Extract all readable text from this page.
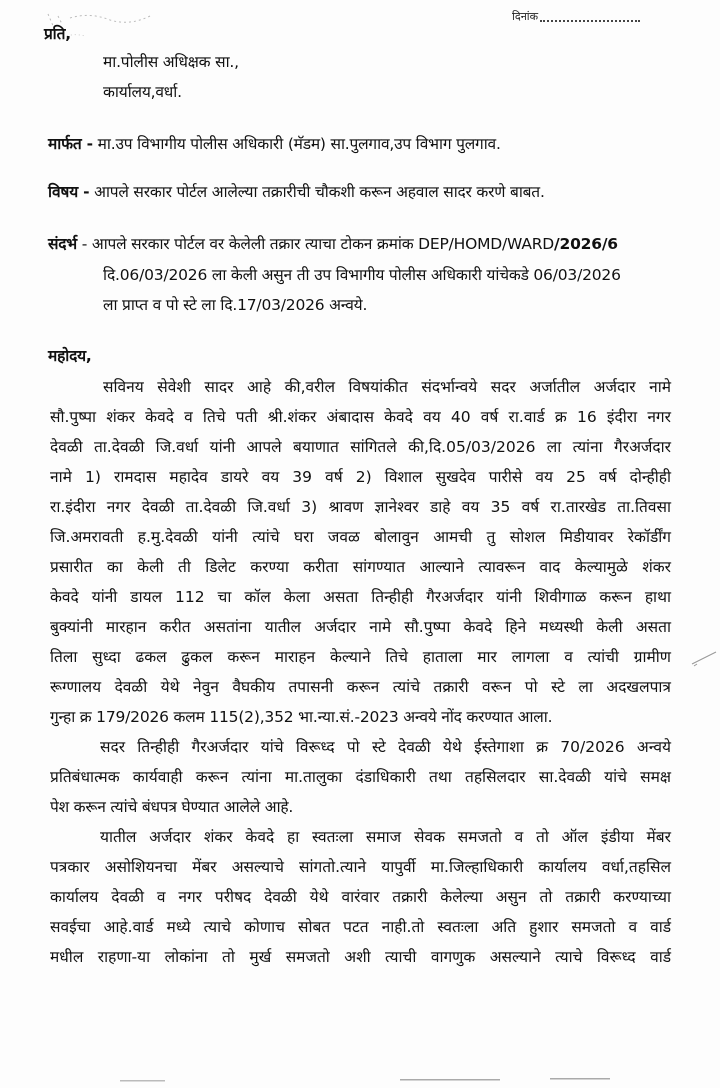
दिनांक
प्रति,
मा.पोलीस अधिक्षक सा.,
कार्यालय,वर्धा.
मार्फत - मा.उप विभागीय पोलीस अधिकारी (मॅडम) सा.पुलगाव,उप विभाग पुलगाव.
विषय - आपले सरकार पोर्टल आलेल्या तक्रारीची चौकशी करून अहवाल सादर करणे बाबत.
संदर्भ - आपले सरकार पोर्टल वर केलेली तक्रार त्याचा टोकन क्रमांक DEP/HOMD/WARD/2026/6
दि.06/03/2026 ला केली असुन ती उप विभागीय पोलीस अधिकारी यांचेकडे 06/03/2026
ला प्राप्त व पो स्टे ला दि.17/03/2026 अन्वये.
महोदय,
सविनय सेवेशी सादर आहे की,वरील विषयांकीत संदर्भान्वये सदर अर्जातील अर्जदार नामे
सौ.पुष्पा शंकर केवदे व तिचे पती श्री.शंकर अंबादास केवदे वय 40 वर्ष रा.वार्ड क्र 16 इंदीरा नगर
देवळी ता.देवळी जि.वर्धा यांनी आपले बयाणात सांगितले की,दि.05/03/2026 ला त्यांना गैरअर्जदार
नामे 1) रामदास महादेव डायरे वय 39 वर्ष 2) विशाल सुखदेव पारीसे वय 25 वर्ष दोन्हीही
रा.इंदीरा नगर देवळी ता.देवळी जि.वर्धा 3) श्रावण ज्ञानेश्वर डाहे वय 35 वर्ष रा.तारखेड ता.तिवसा
जि.अमरावती ह.मु.देवळी यांनी त्यांचे घरा जवळ बोलावुन आमची तु सोशल मिडीयावर रेकॉर्डींग
प्रसारीत का केली ती डिलेट करण्या करीता सांगण्यात आल्याने त्यावरून वाद केल्यामुळे शंकर
केवदे यांनी डायल 112 चा कॉल केला असता तिन्हीही गैरअर्जदार यांनी शिवीगाळ करून हाथा
बुक्यांनी मारहान करीत असतांना यातील अर्जदार नामे सौ.पुष्पा केवदे हिने मध्यस्थी केली असता
तिला सुध्दा ढकल ढुकल करून माराहन केल्याने तिचे हाताला मार लागला व त्यांची ग्रामीण
रूग्णालय देवळी येथे नेवुन वैघकीय तपासनी करून त्यांचे तक्रारी वरून पो स्टे ला अदखलपात्र
गुन्हा क्र 179/2026 कलम 115(2),352 भा.न्या.सं.-2023 अन्वये नोंद करण्यात आला.
सदर तिन्हीही गैरअर्जदार यांचे विरूध्द पो स्टे देवळी येथे ईस्तेगाशा क्र 70/2026 अन्वये
प्रतिबंधात्मक कार्यवाही करून त्यांना मा.तालुका दंडाधिकारी तथा तहसिलदार सा.देवळी यांचे समक्ष
पेश करून त्यांचे बंधपत्र घेण्यात आलेले आहे.
यातील अर्जदार शंकर केवदे हा स्वतःला समाज सेवक समजतो व तो ऑल इंडीया मेंबर
पत्रकार असोशियनचा मेंबर असल्याचे सांगतो.त्याने यापुर्वी मा.जिल्हाधिकारी कार्यालय वर्धा,तहसिल
कार्यालय देवळी व नगर परीषद देवळी येथे वारंवार तक्रारी केलेल्या असुन तो तक्रारी करण्याच्या
सवईचा आहे.वार्ड मध्ये त्याचे कोणाच सोबत पटत नाही.तो स्वतःला अति हुशार समजतो व वार्ड
मधील राहणा-या लोकांना तो मुर्ख समजतो अशी त्याची वागणुक असल्याने त्याचे विरूध्द वार्ड
